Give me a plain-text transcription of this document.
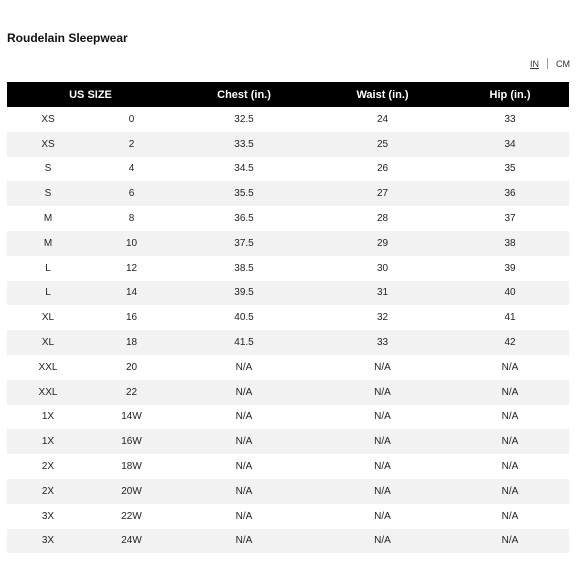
Roudelain Sleepwear
IN CM
US SIZE		Chest (in.)	Waist (in.)	Hip (in.)
XS	0	32.5	24	33
XS	2	33.5	25	34
S	4	34.5	26	35
S	6	35.5	27	36
M	8	36.5	28	37
M	10	37.5	29	38
L	12	38.5	30	39
L	14	39.5	31	40
XL	16	40.5	32	41
XL	18	41.5	33	42
XXL	20	N/A	N/A	N/A
XXL	22	N/A	N/A	N/A
1X	14W	N/A	N/A	N/A
1X	16W	N/A	N/A	N/A
2X	18W	N/A	N/A	N/A
2X	20W	N/A	N/A	N/A
3X	22W	N/A	N/A	N/A
3X	24W	N/A	N/A	N/A
